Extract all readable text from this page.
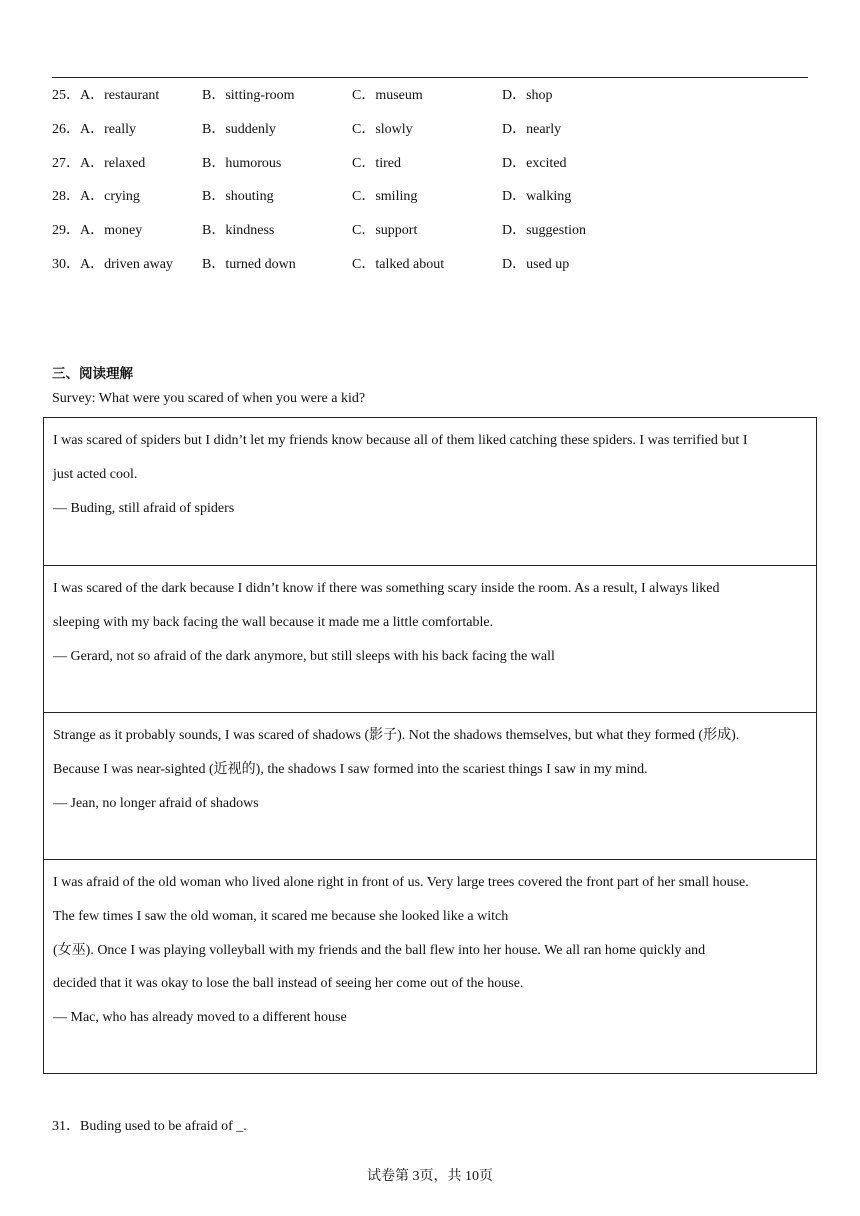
25． A．restaurant	B．sitting-room	C．museum	D．shop
26． A．really	B．suddenly	C．slowly	D．nearly
27． A．relaxed	B．humorous	C．tired	D．excited
28． A．crying	B．shouting	C．smiling	D．walking
29． A．money	B．kindness	C．support	D．suggestion
30． A．driven away B．turned down	C．talked about	D．used up
三、阅读理解
Survey: What were you scared of when you were a kid?
I was scared of spiders but I didn’t let my friends know because all of them liked catching these spiders. I was terrified but I
just acted cool.
— Buding, still afraid of spiders
I was scared of the dark because I didn’t know if there was something scary inside the room. As a result, I always liked
sleeping with my back facing the wall because it made me a little comfortable.
— Gerard, not so afraid of the dark anymore, but still sleeps with his back facing the wall
Strange as it probably sounds, I was scared of shadows (影子). Not the shadows themselves, but what they formed (形成).
Because I was near-sighted (近视的), the shadows I saw formed into the scariest things I saw in my mind.
— Jean, no longer afraid of shadows
I was afraid of the old woman who lived alone right in front of us. Very large trees covered the front part of her small house.
The few times I saw the old woman, it scared me because she looked like a witch
(女巫). Once I was playing volleyball with my friends and the ball flew into her house. We all ran home quickly and
decided that it was okay to lose the ball instead of seeing her come out of the house.
— Mac, who has already moved to a different house
31．Buding used to be afraid of _.
试卷第 3页，共 10页
